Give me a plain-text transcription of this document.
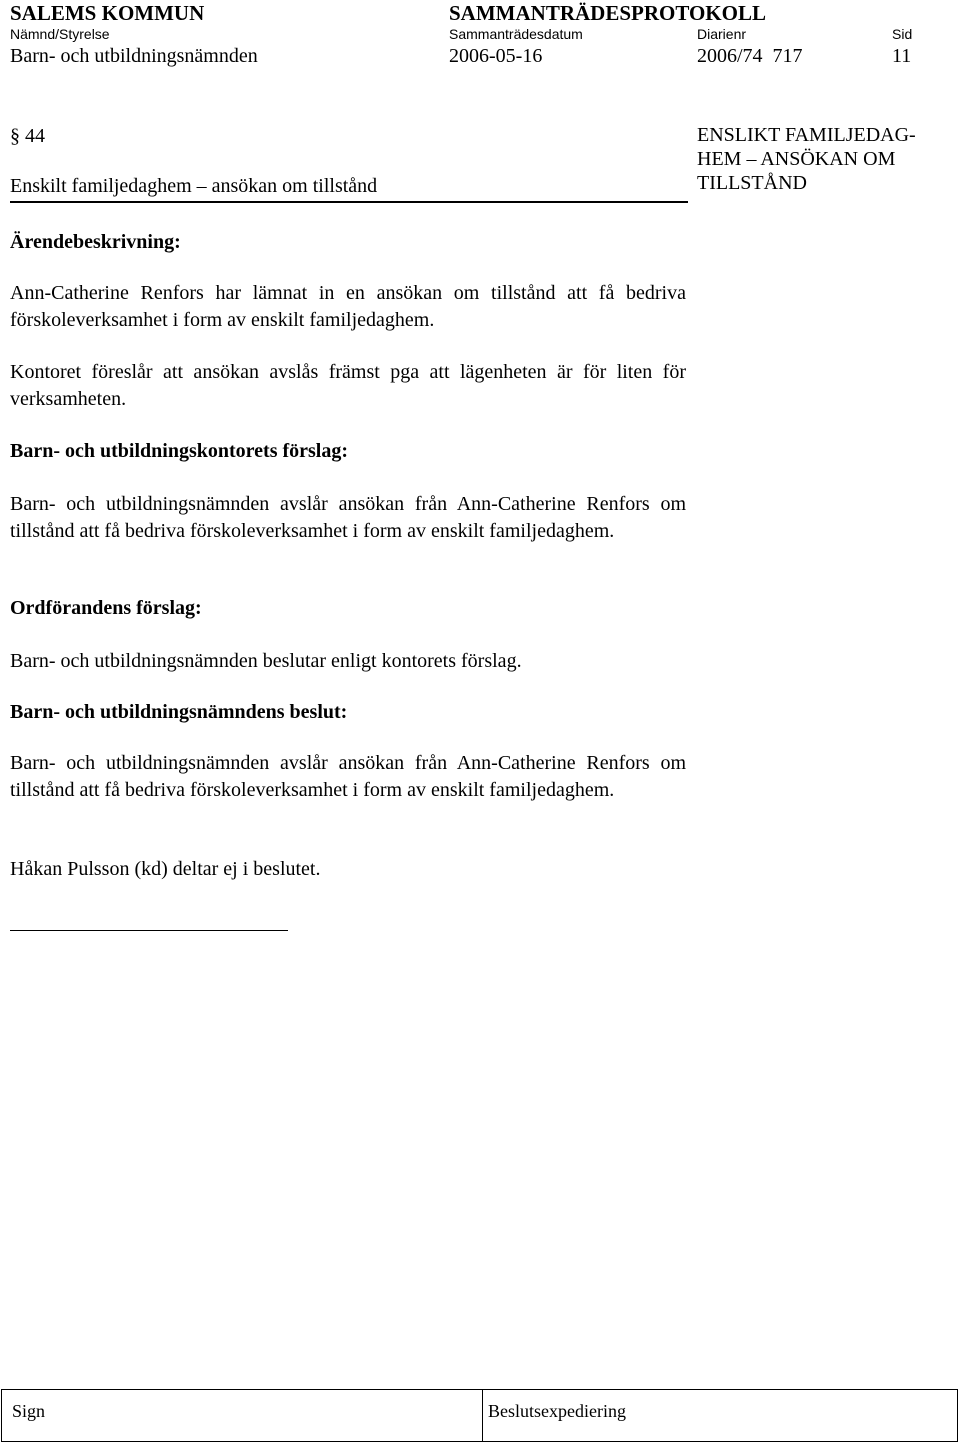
SALEMS KOMMUN	SAMMANTRÄDESPROTOKOLL
Nämnd/Styrelse	Sammanträdesdatum	Diarienr	Sid
Barn- och utbildningsnämnden	2006-05-16	2006/74  717	11
§ 44
Enskilt familjedaghem – ansökan om tillstånd
ENSLIKT FAMILJEDAG-
HEM – ANSÖKAN OM
TILLSTÅND
Ärendebeskrivning:
Ann-Catherine Renfors har lämnat in en ansökan om tillstånd att få bedriva förskoleverksamhet i form av enskilt familjedaghem.
Kontoret föreslår att ansökan avslås främst pga att lägenheten är för liten för verksamheten.
Barn- och utbildningskontorets förslag:
Barn- och utbildningsnämnden avslår ansökan från Ann-Catherine Renfors om tillstånd att få bedriva förskoleverksamhet i form av enskilt familjedaghem.
Ordförandens förslag:
Barn- och utbildningsnämnden beslutar enligt kontorets förslag.
Barn- och utbildningsnämndens beslut:
Barn- och utbildningsnämnden avslår ansökan från Ann-Catherine Renfors om tillstånd att få bedriva förskoleverksamhet i form av enskilt familjedaghem.
Håkan Pulsson (kd) deltar ej i beslutet.
Sign	Beslutsexpediering
